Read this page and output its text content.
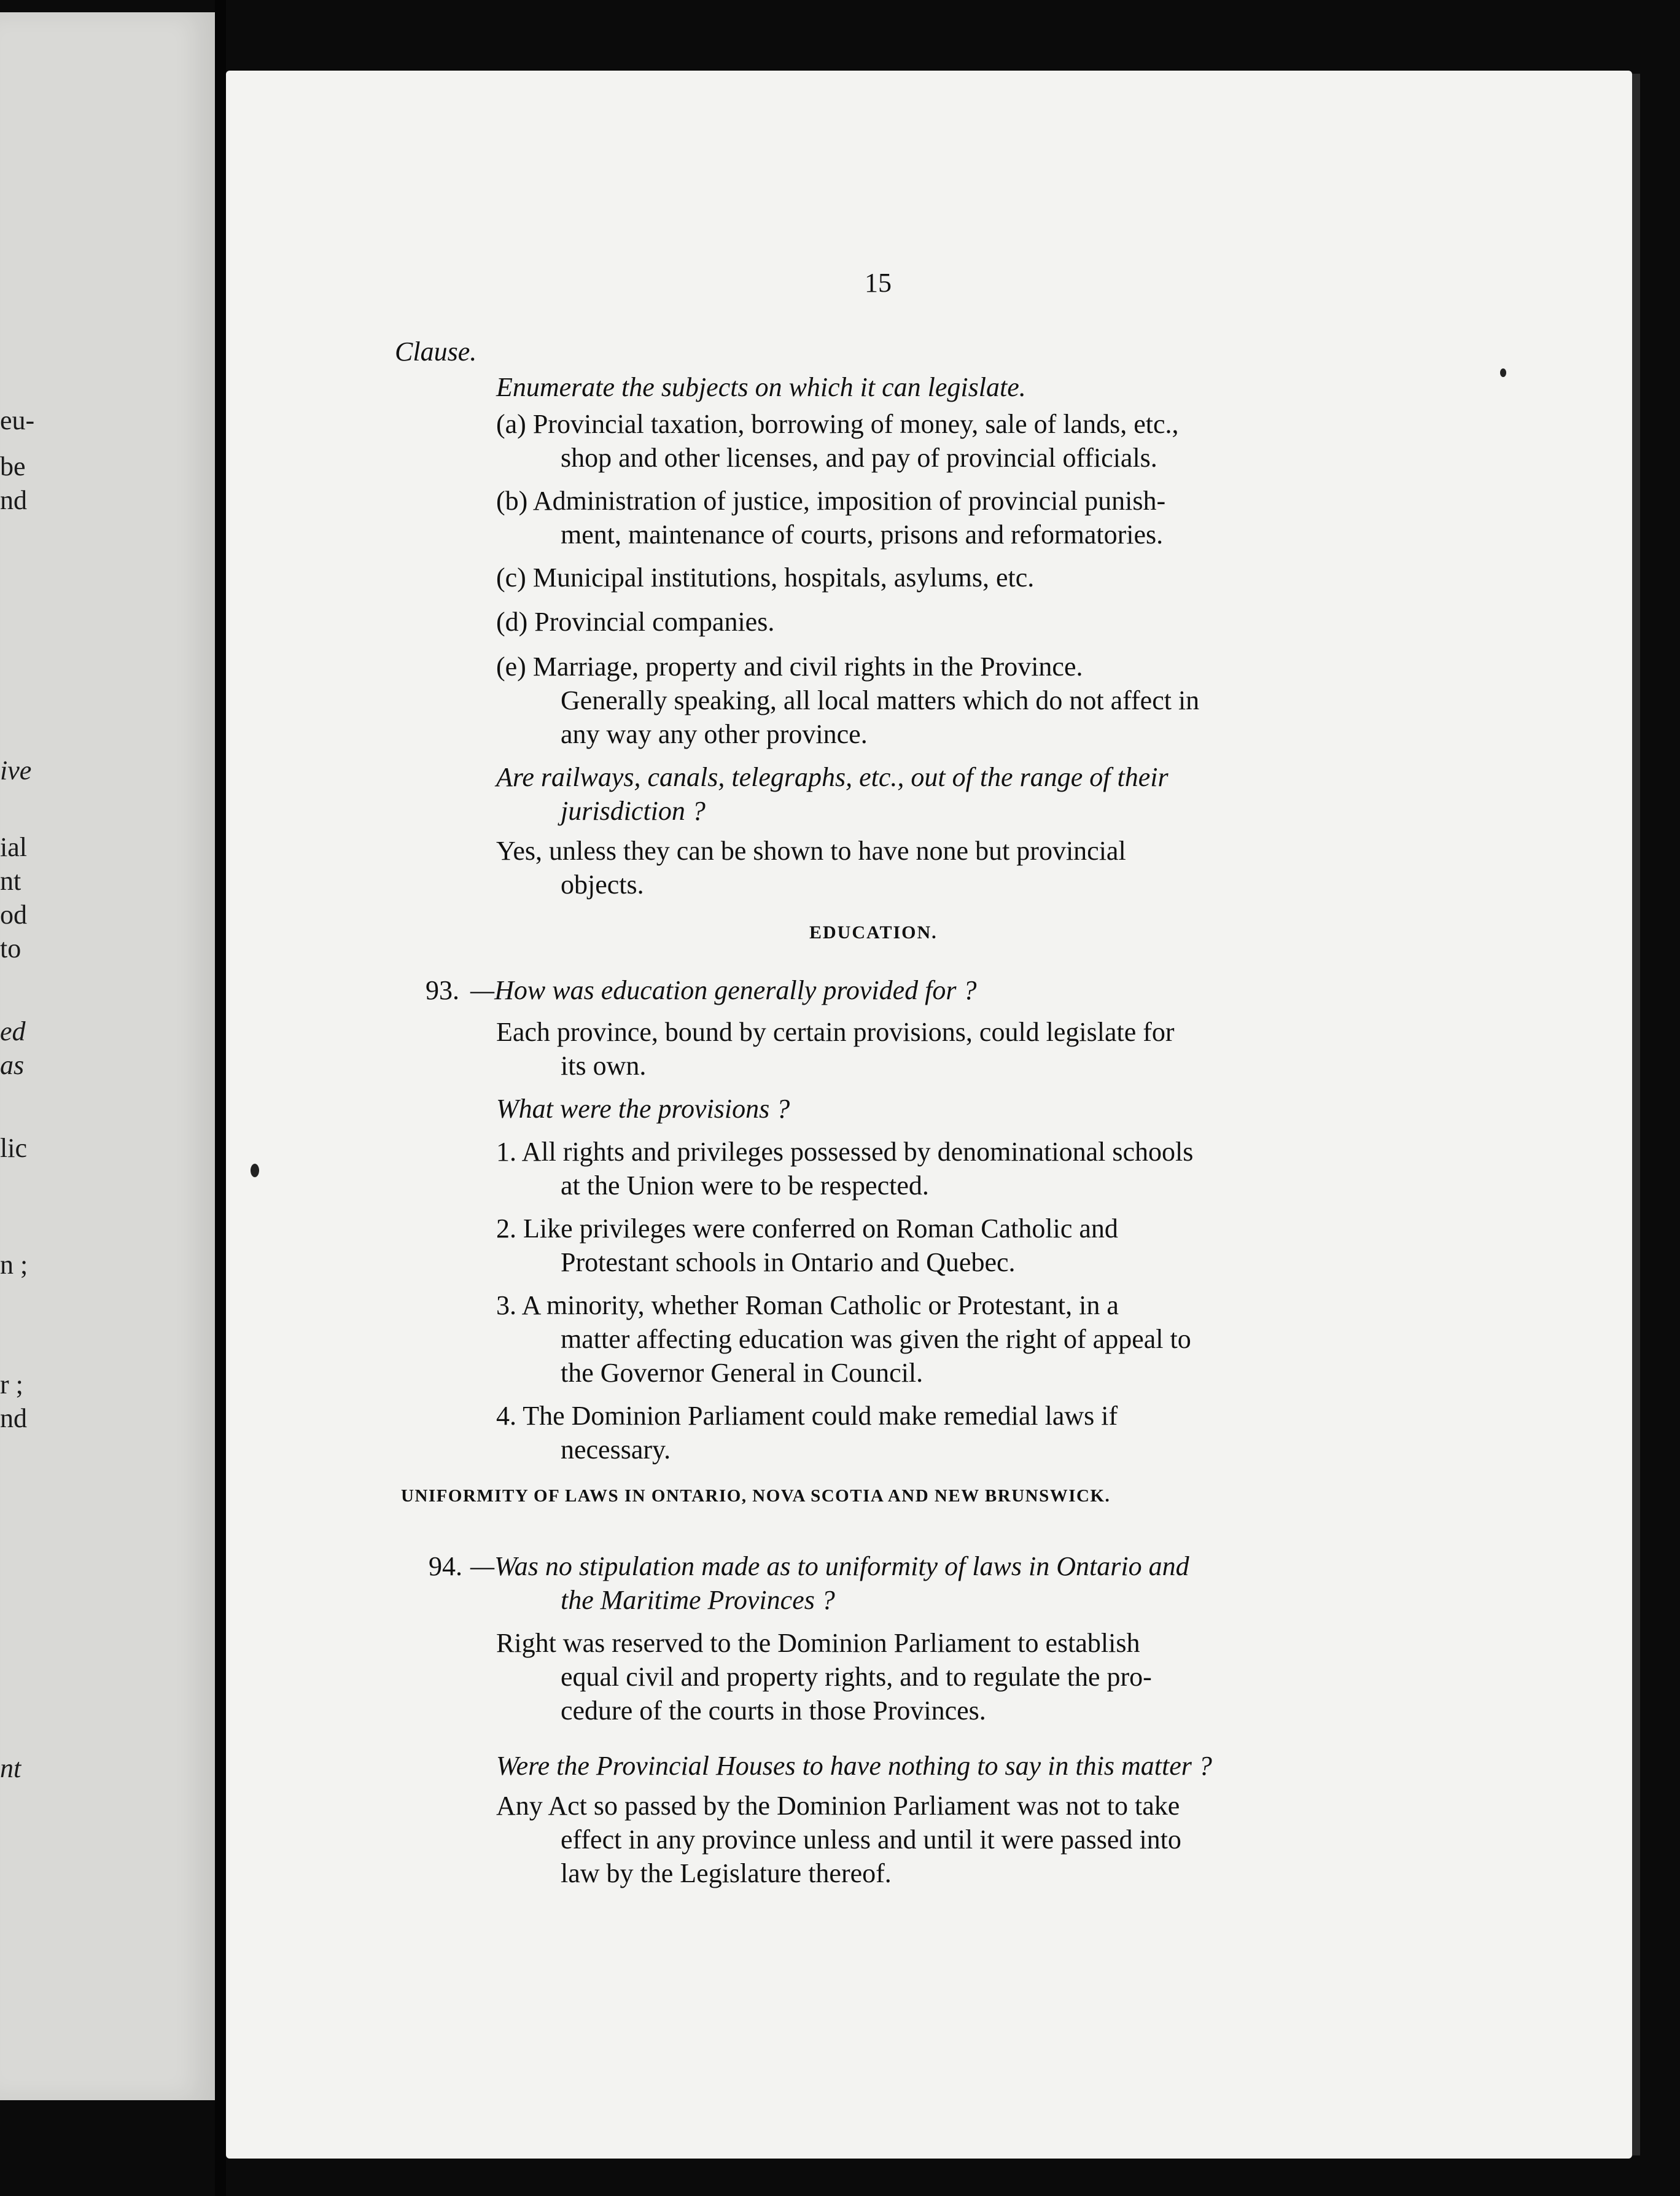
eu-
be
nd
ive
ial
nt
od
to
ed
as
lic
n ;
r ;
nd
nt
15
Clause.
Enumerate the subjects on which it can legislate.
(a) Provincial taxation, borrowing of money, sale of lands, etc.,
shop and other licenses, and pay of provincial officials.
(b) Administration of justice, imposition of provincial punish-
ment, maintenance of courts, prisons and reformatories.
(c) Municipal institutions, hospitals, asylums, etc.
(d) Provincial companies.
(e) Marriage, property and civil rights in the Province.
Generally speaking, all local matters which do not affect in
any way any other province.
Are railways, canals, telegraphs, etc., out of the range of their
jurisdiction ?
Yes, unless they can be shown to have none but provincial
objects.
EDUCATION.
93. —How was education generally provided for ?
Each province, bound by certain provisions, could legislate for
its own.
What were the provisions ?
1. All rights and privileges possessed by denominational schools
at the Union were to be respected.
2. Like privileges were conferred on Roman Catholic and
Protestant schools in Ontario and Quebec.
3. A minority, whether Roman Catholic or Protestant, in a
matter affecting education was given the right of appeal to
the Governor General in Council.
4. The Dominion Parliament could make remedial laws if
necessary.
UNIFORMITY OF LAWS IN ONTARIO, NOVA SCOTIA AND NEW BRUNSWICK.
94. —Was no stipulation made as to uniformity of laws in Ontario and
the Maritime Provinces ?
Right was reserved to the Dominion Parliament to establish
equal civil and property rights, and to regulate the pro-
cedure of the courts in those Provinces.
Were the Provincial Houses to have nothing to say in this matter ?
Any Act so passed by the Dominion Parliament was not to take
effect in any province unless and until it were passed into
law by the Legislature thereof.
